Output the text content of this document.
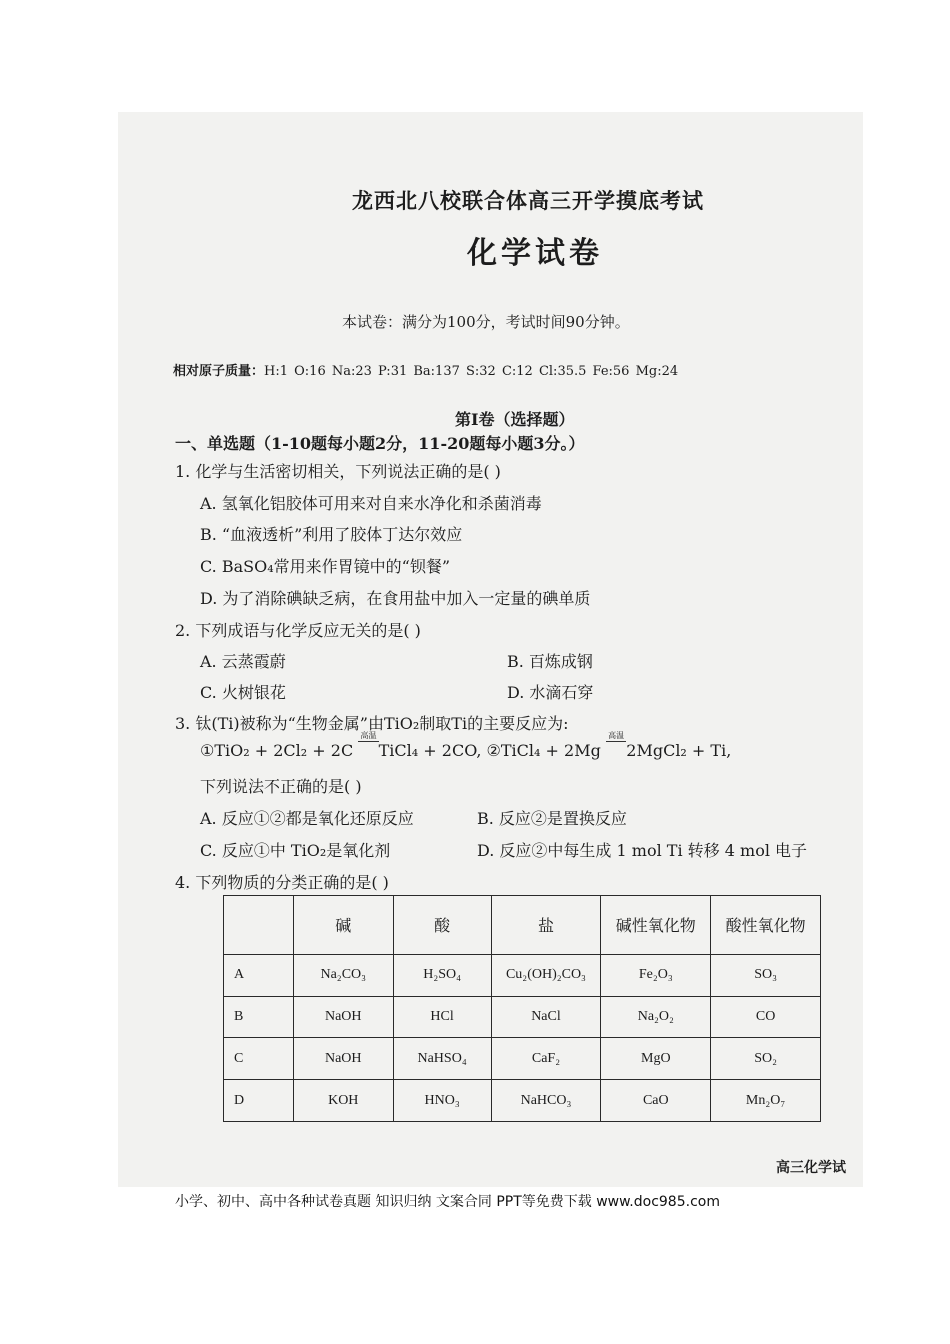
龙西北八校联合体高三开学摸底考试
化学试卷
本试卷：满分为100分，考试时间90分钟。
相对原子质量：H:1 O:16 Na:23 P:31 Ba:137 S:32 C:12 Cl:35.5 Fe:56 Mg:24
第Ⅰ卷（选择题）
一、单选题（1-10题每小题2分，11-20题每小题3分。）
1. 化学与生活密切相关，下列说法正确的是( )
A. 氢氧化铝胶体可用来对自来水净化和杀菌消毒
B. “血液透析”利用了胶体丁达尔效应
C. BaSO₄常用来作胃镜中的“钡餐”
D. 为了消除碘缺乏病，在食用盐中加入一定量的碘单质
2. 下列成语与化学反应无关的是( )
A. 云蒸霞蔚	B. 百炼成钢
C. 火树银花	D. 水滴石穿
3. 钛(Ti)被称为“生物金属”由TiO₂制取Ti的主要反应为:
①TiO₂ + 2Cl₂ + 2C
高温
TiCl₄ + 2CO, ②TiCl₄ + 2Mg
高温
2MgCl₂ + Ti,
下列说法不正确的是( )
A. 反应①②都是氧化还原反应	B. 反应②是置换反应
C. 反应①中 TiO₂是氧化剂	D. 反应②中每生成 1 mol Ti 转移 4 mol 电子
4. 下列物质的分类正确的是( )
	碱	酸	盐	碱性氧化物	酸性氧化物
A	Na₂CO₃	H₂SO₄	Cu₂(OH)₂CO₃	Fe₂O₃	SO₃
B	NaOH	HCl	NaCl	Na₂O₂	CO
C	NaOH	NaHSO₄	CaF₂	MgO	SO₂
D	KOH	HNO₃	NaHCO₃	CaO	Mn₂O₇
高三化学试
小学、初中、高中各种试卷真题 知识归纳 文案合同 PPT等免费下载 www.doc985.com
